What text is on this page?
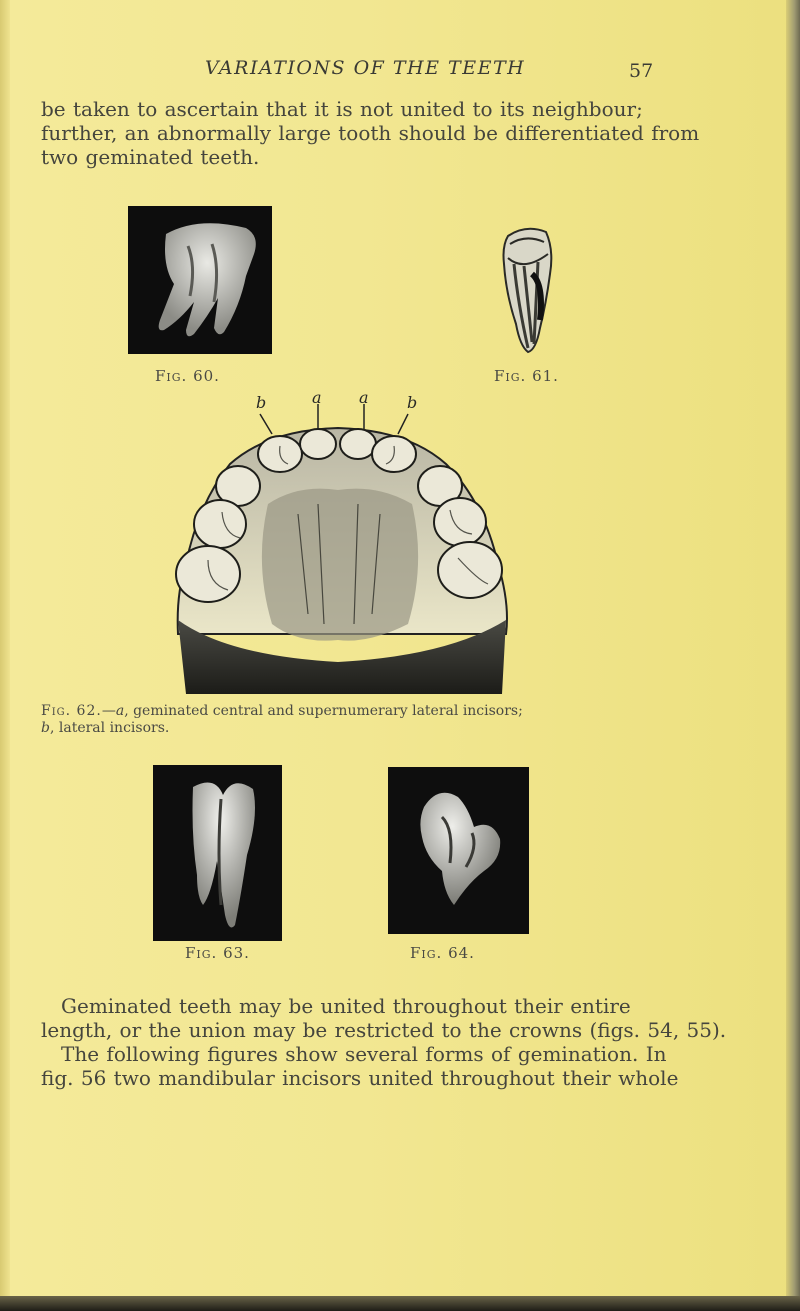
VARIATIONS OF THE TEETH	57

be taken to ascertain that it is not united to its neighbour;
further, an abnormally large tooth should be differentiated from
two geminated teeth.

Fig. 60.	Fig. 61.
b	a a b

Fig. 62.—a, geminated central and supernumerary lateral incisors;
b, lateral incisors.

Fig. 63.	Fig. 64.

Geminated teeth may be united throughout their entire
length, or the union may be restricted to the crowns (figs. 54, 55).
The following figures show several forms of gemination. In
fig. 56 two mandibular incisors united throughout their whole
